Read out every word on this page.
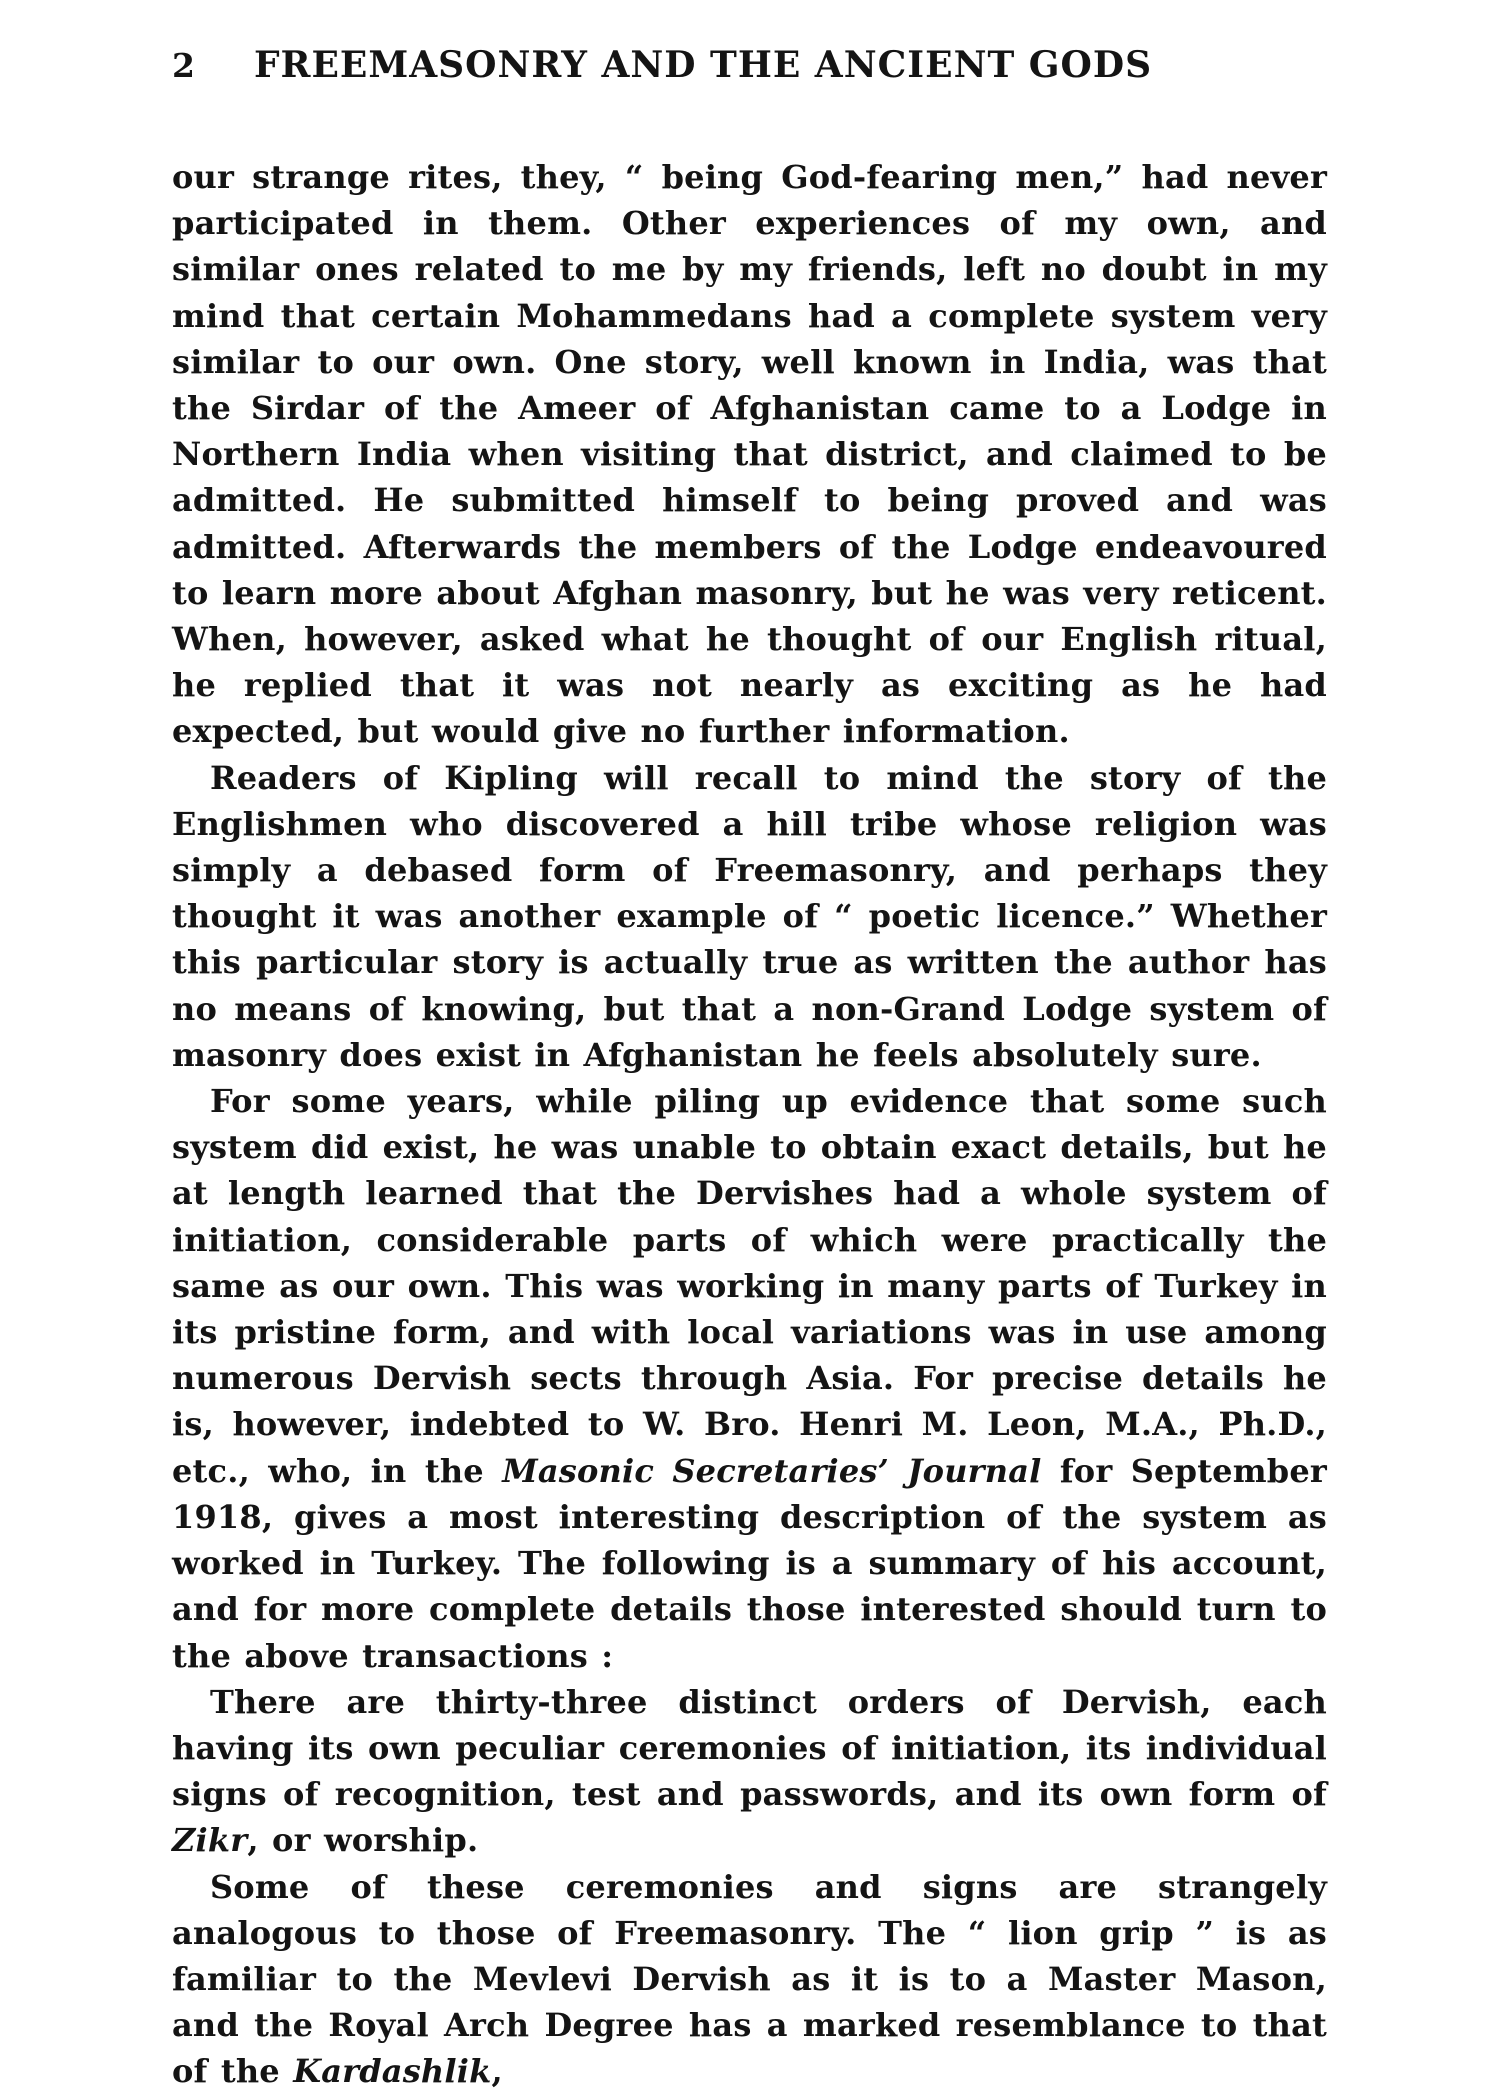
2	FREEMASONRY AND THE ANCIENT GODS

our strange rites, they, “ being God-fearing men,” had never participated in them. Other experiences of my own, and similar ones related to me by my friends, left no doubt in my mind that certain Mohammedans had a complete system very similar to our own. One story, well known in India, was that the Sirdar of the Ameer of Afghanistan came to a Lodge in Northern India when visiting that district, and claimed to be admitted. He submitted himself to being proved and was admitted. Afterwards the members of the Lodge endeavoured to learn more about Afghan masonry, but he was very reticent. When, however, asked what he thought of our English ritual, he replied that it was not nearly as exciting as he had expected, but would give no further information.

Readers of Kipling will recall to mind the story of the Englishmen who discovered a hill tribe whose religion was simply a debased form of Freemasonry, and perhaps they thought it was another example of “ poetic licence.” Whether this particular story is actually true as written the author has no means of knowing, but that a non-Grand Lodge system of masonry does exist in Afghanistan he feels absolutely sure.

For some years, while piling up evidence that some such system did exist, he was unable to obtain exact details, but he at length learned that the Dervishes had a whole system of initiation, considerable parts of which were practically the same as our own. This was working in many parts of Turkey in its pristine form, and with local variations was in use among numerous Dervish sects through Asia. For precise details he is, however, indebted to W. Bro. Henri M. Leon, M.A., Ph.D., etc., who, in the Masonic Secretaries’ Journal for September 1918, gives a most interesting description of the system as worked in Turkey. The following is a summary of his account, and for more complete details those interested should turn to the above transactions :

There are thirty-three distinct orders of Dervish, each having its own peculiar ceremonies of initiation, its individual signs of recognition, test and passwords, and its own form of Zikr, or worship.

Some of these ceremonies and signs are strangely analogous to those of Freemasonry. The “ lion grip ” is as familiar to the Mevlevi Dervish as it is to a Master Mason, and the Royal Arch Degree has a marked resemblance to that of the Kardashlik,
